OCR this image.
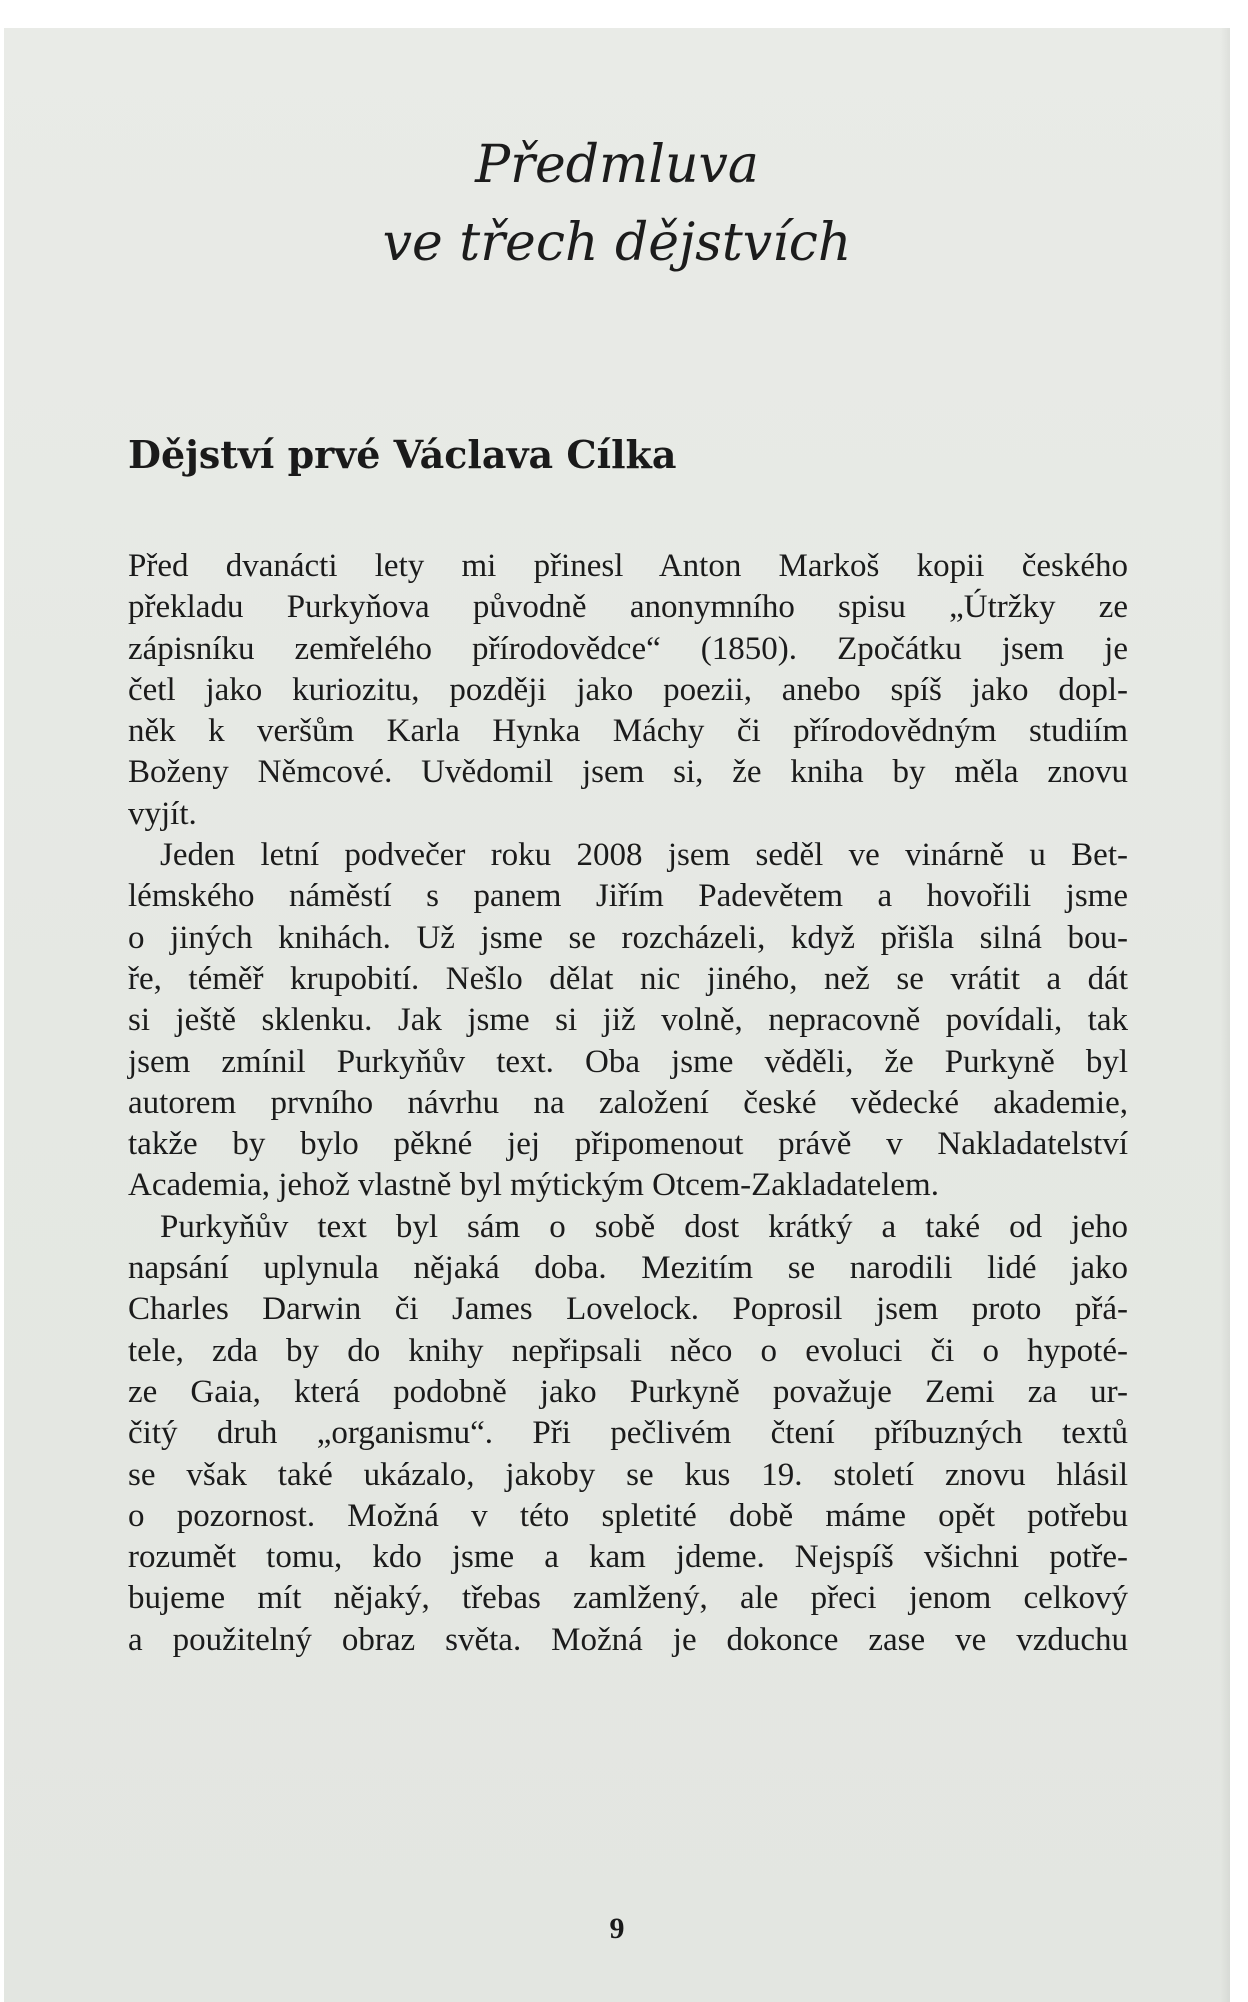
Předmluva
ve třech dějstvích
Dějství prvé Václava Cílka

Před dvanácti lety mi přinesl Anton Markoš kopii českého
překladu Purkyňova původně anonymního spisu „Útržky ze
zápisníku zemřelého přírodovědce“ (1850). Zpočátku jsem je
četl jako kuriozitu, později jako poezii, anebo spíš jako dopl-
něk k veršům Karla Hynka Máchy či přírodovědným studiím
Boženy Němcové. Uvědomil jsem si, že kniha by měla znovu
vyjít.

Jeden letní podvečer roku 2008 jsem seděl ve vinárně u Bet-
lémského náměstí s panem Jiřím Padevětem a hovořili jsme
o jiných knihách. Už jsme se rozcházeli, když přišla silná bou-
ře, téměř krupobití. Nešlo dělat nic jiného, než se vrátit a dát
si ještě sklenku. Jak jsme si již volně, nepracovně povídali, tak
jsem zmínil Purkyňův text. Oba jsme věděli, že Purkyně byl
autorem prvního návrhu na založení české vědecké akademie,
takže by bylo pěkné jej připomenout právě v Nakladatelství
Academia, jehož vlastně byl mýtickým Otcem-Zakladatelem.

Purkyňův text byl sám o sobě dost krátký a také od jeho
napsání uplynula nějaká doba. Mezitím se narodili lidé jako
Charles Darwin či James Lovelock. Poprosil jsem proto přá-
tele, zda by do knihy nepřipsali něco o evoluci či o hypoté-
ze Gaia, která podobně jako Purkyně považuje Zemi za ur-
čitý druh „organismu“. Při pečlivém čtení příbuzných textů
se však také ukázalo, jakoby se kus 19. století znovu hlásil
o pozornost. Možná v této spletité době máme opět potřebu
rozumět tomu, kdo jsme a kam jdeme. Nejspíš všichni potře-
bujeme mít nějaký, třebas zamlžený, ale přeci jenom celkový
a použitelný obraz světa. Možná je dokonce zase ve vzduchu

9
